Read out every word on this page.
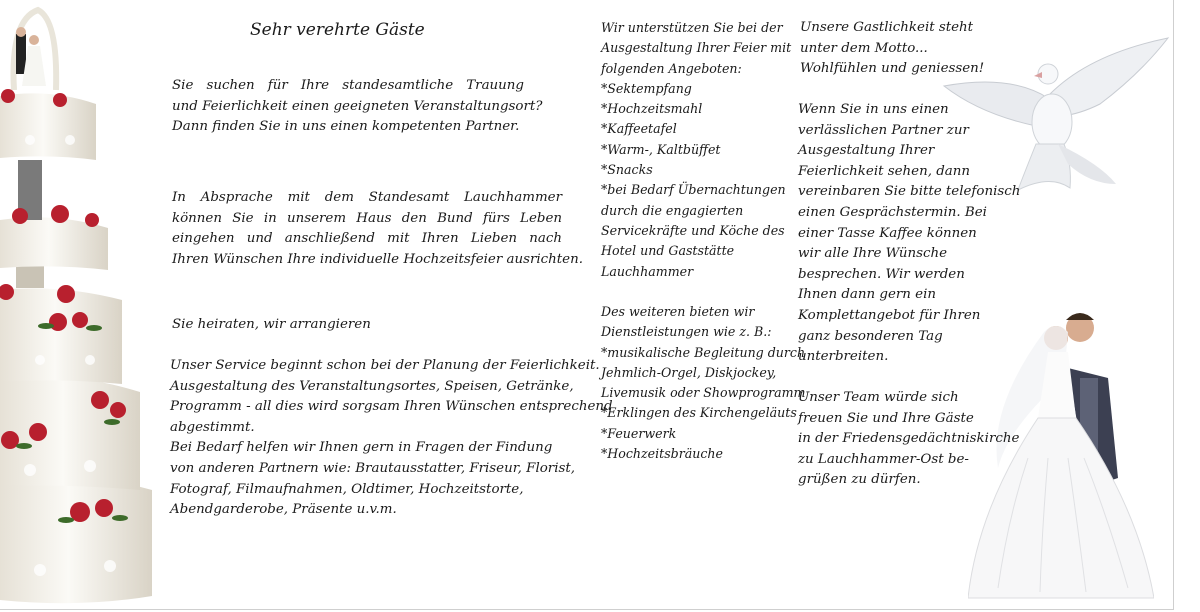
Sehr verehrte Gäste
Sie suchen für Ihre standesamtliche Trauung
und Feierlichkeit einen geeigneten Veranstaltungsort?
Dann finden Sie in uns einen kompetenten Partner.
In Absprache mit dem Standesamt Lauchhammer
können Sie in unserem Haus den Bund fürs Leben
eingehen und anschließend mit Ihren Lieben nach
Ihren Wünschen Ihre individuelle Hochzeitsfeier ausrichten.
Sie heiraten, wir arrangieren
Unser Service beginnt schon bei der Planung der Feierlichkeit.
Ausgestaltung des Veranstaltungsortes, Speisen, Getränke,
Programm - all dies wird sorgsam Ihren Wünschen entsprechend
abgestimmt.
Bei Bedarf helfen wir Ihnen gern in Fragen der Findung
von anderen Partnern wie: Brautausstatter, Friseur, Florist,
Fotograf, Filmaufnahmen, Oldtimer, Hochzeitstorte,
Abendgarderobe, Präsente u.v.m.
Wir unterstützen Sie bei der
Ausgestaltung Ihrer Feier mit
folgenden Angeboten:
*Sektempfang
*Hochzeitsmahl
*Kaffeetafel
*Warm-, Kaltbüffet
*Snacks
*bei Bedarf Übernachtungen
durch die engagierten
Servicekräfte und Köche des
Hotel und Gaststätte
Lauchhammer
Des weiteren bieten wir
Dienstleistungen wie z. B.:
*musikalische Begleitung durch
Jehmlich-Orgel, Diskjockey,
Livemusik oder Showprogramm
*Erklingen des Kirchengeläuts
*Feuerwerk
*Hochzeitsbräuche
Unsere Gastlichkeit steht
unter dem Motto...
Wohlfühlen und geniessen!
Wenn Sie in uns einen
verlässlichen Partner zur
Ausgestaltung Ihrer
Feierlichkeit sehen, dann
vereinbaren Sie bitte telefonisch
einen Gesprächstermin. Bei
einer Tasse Kaffee können
wir alle Ihre Wünsche
besprechen. Wir werden
Ihnen dann gern ein
Komplettangebot für Ihren
ganz besonderen Tag
unterbreiten.
Unser Team würde sich
freuen Sie und Ihre Gäste
in der Friedensgedächtniskirche
zu Lauchhammer-Ost be-
grüßen zu dürfen.
